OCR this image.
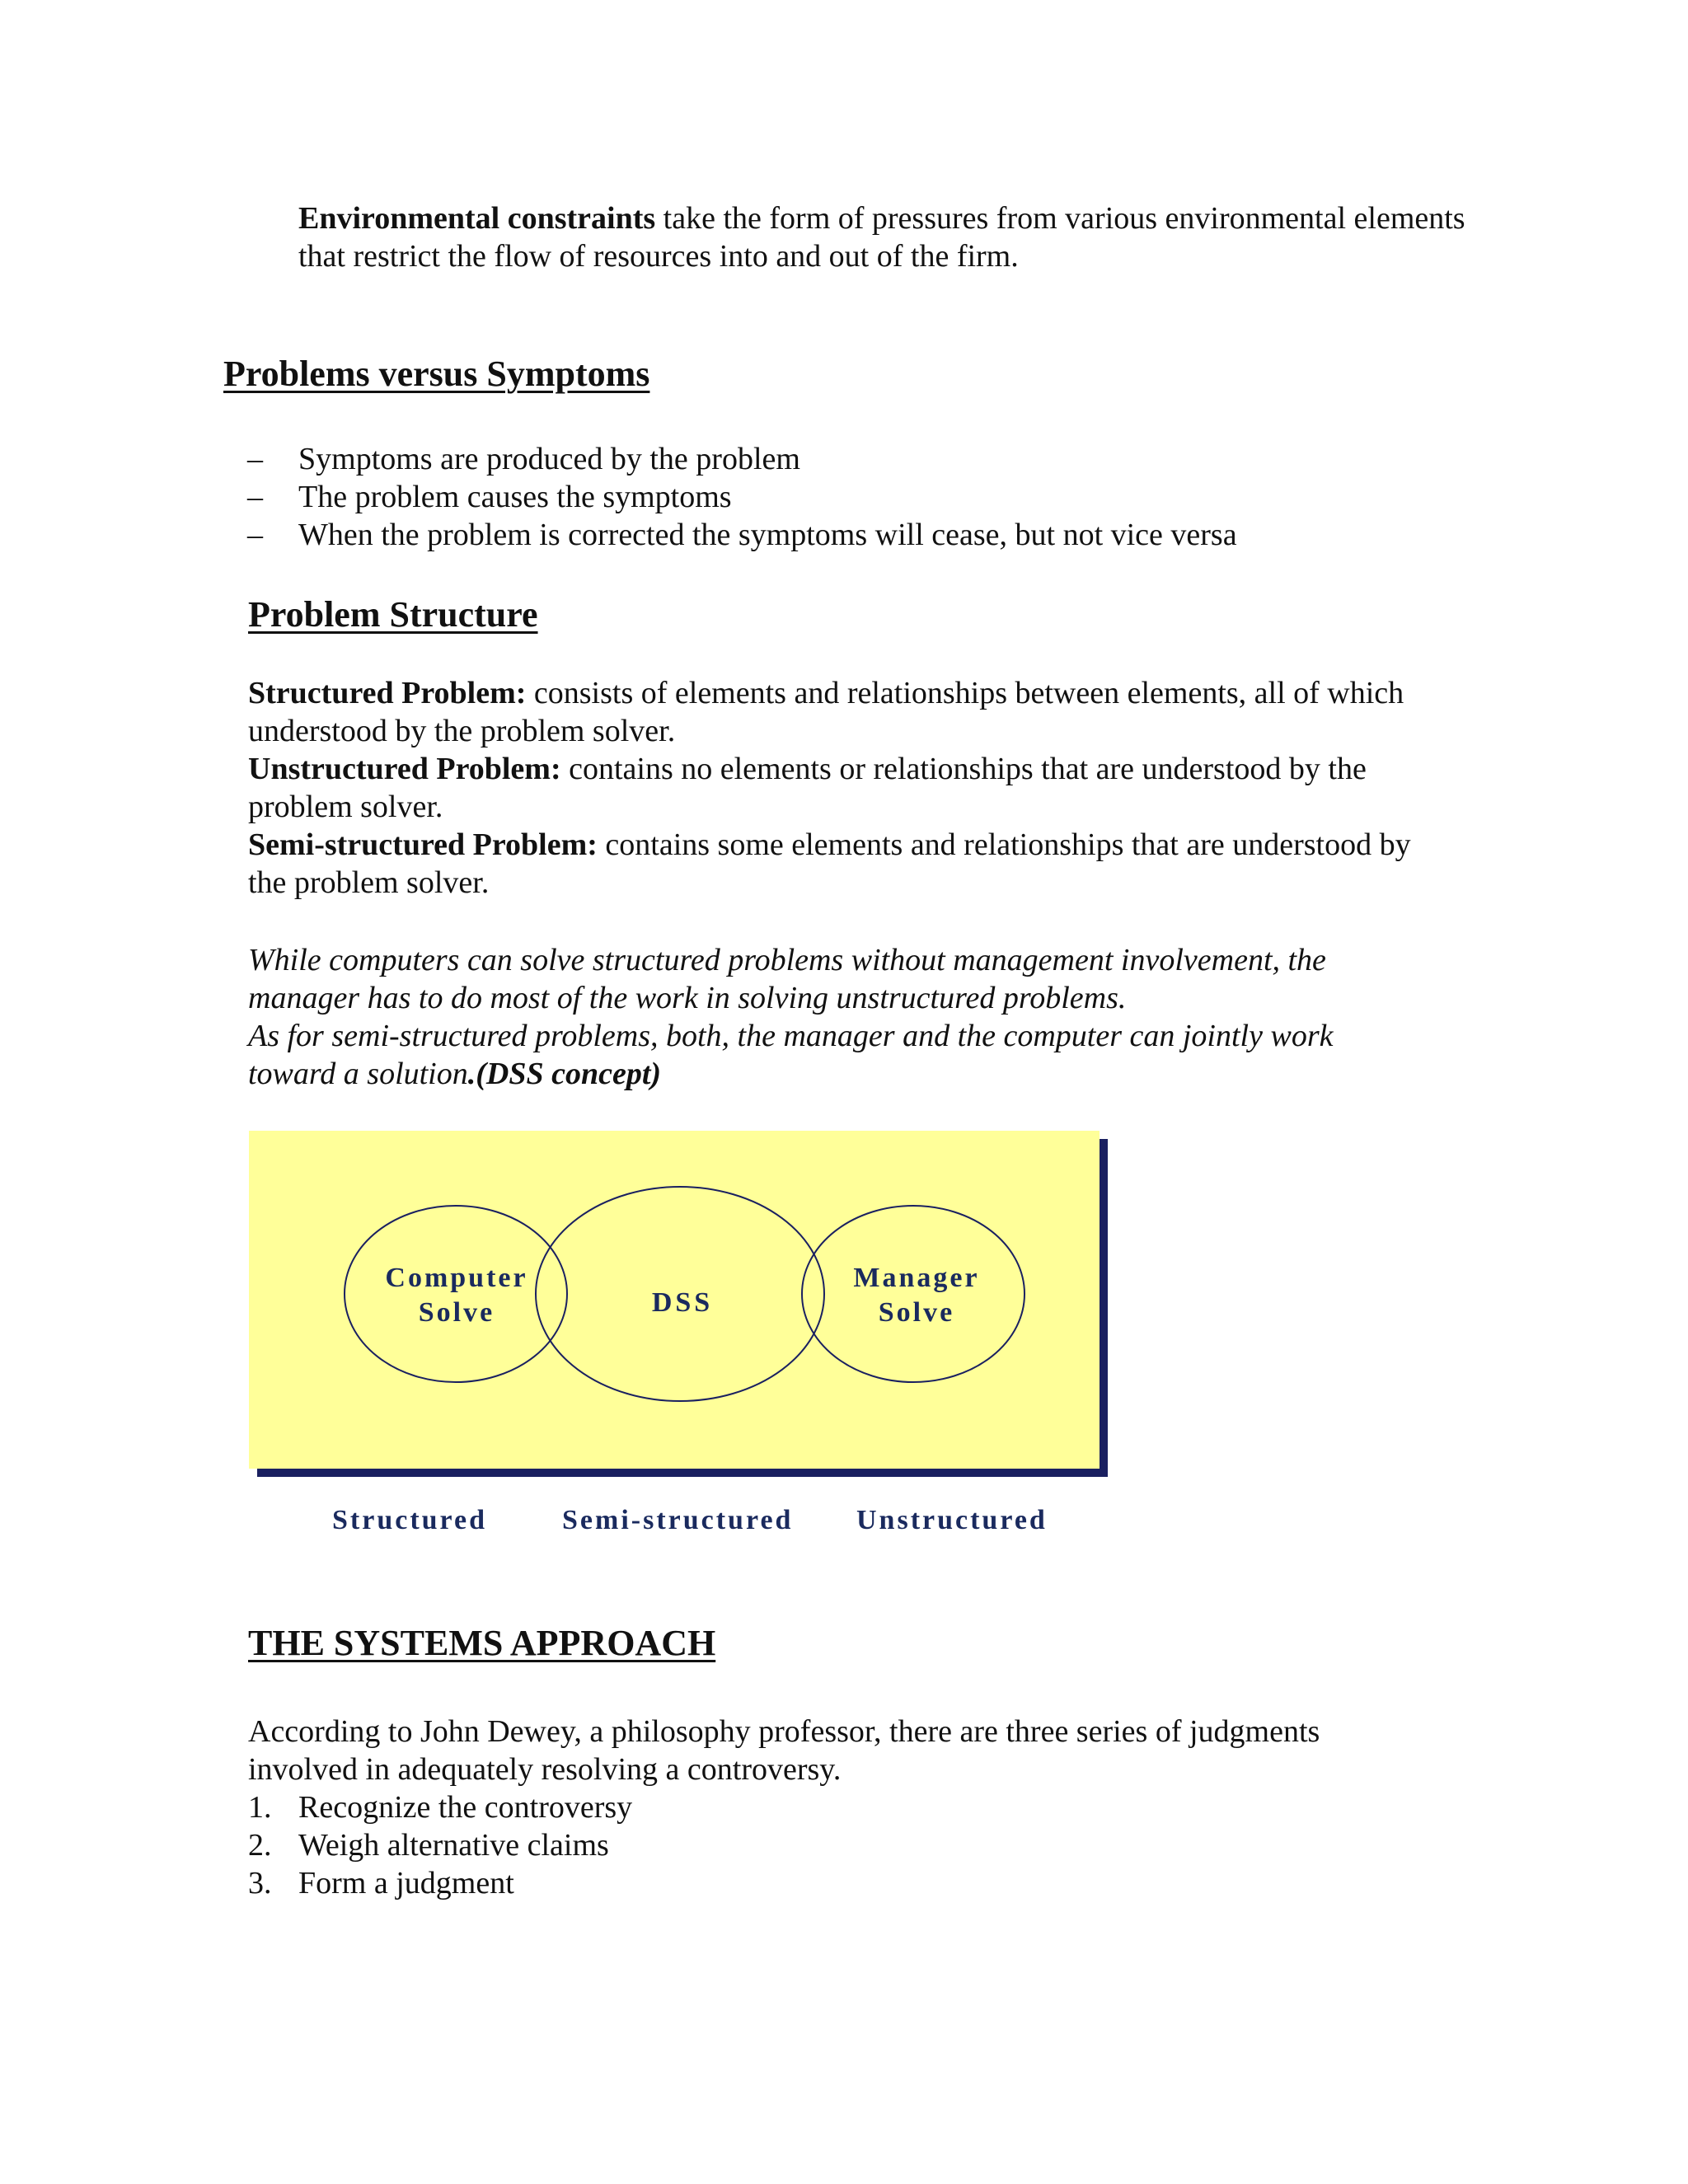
Environmental constraints take the form of pressures from various environmental elements that restrict the flow of resources into and out of the firm.

Problems versus Symptoms
– Symptoms are produced by the problem
– The problem causes the symptoms
– When the problem is corrected the symptoms will cease, but not vice versa
Problem Structure
Structured Problem: consists of elements and relationships between elements, all of which understood by the problem solver.
Unstructured Problem: contains no elements or relationships that are understood by the problem solver.
Semi-structured Problem: contains some elements and relationships that are understood by the problem solver.
While computers can solve structured problems without management involvement, the manager has to do most of the work in solving unstructured problems.
As for semi-structured problems, both, the manager and the computer can jointly work toward a solution.(DSS concept)
Computer
Solve	DSS
Manager
Solve
Structured	Semi-structured Unstructured
THE SYSTEMS APPROACH

According to John Dewey, a philosophy professor, there are three series of judgments involved in adequately resolving a controversy.

1. Recognize the controversy
2. Weigh alternative claims
3. Form a judgment
